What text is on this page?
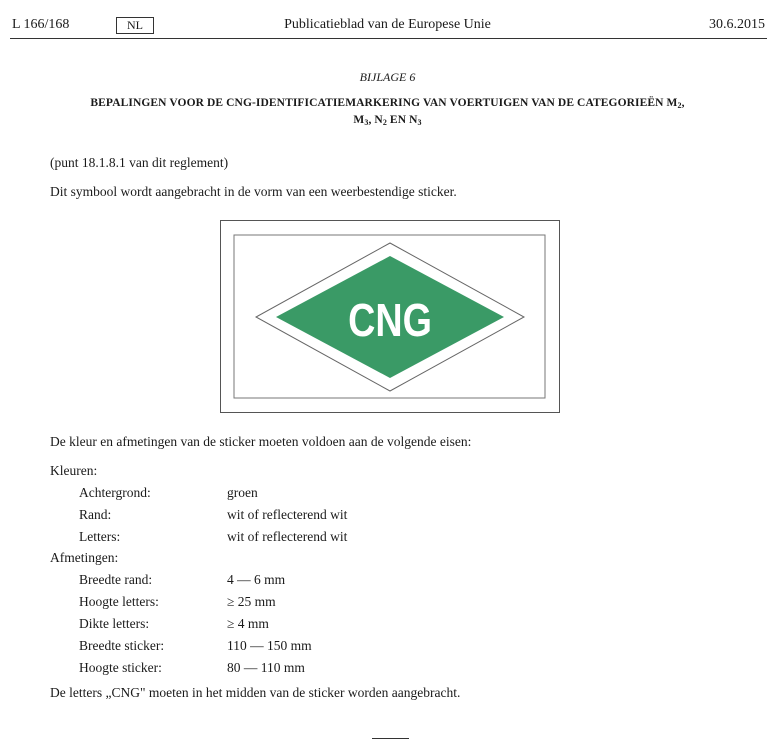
L 166/168	NL	Publicatieblad van de Europese Unie	30.6.2015
BIJLAGE 6
BEPALINGEN VOOR DE CNG-IDENTIFICATIEMARKERING VAN VOERTUIGEN VAN DE CATEGORIEËN $M_2$,
$M_3$, $N_2$ EN $N_3$
(punt 18.1.8.1 van dit reglement)
Dit symbool wordt aangebracht in de vorm van een weerbestendige sticker.
CNG
De kleur en afmetingen van de sticker moeten voldoen aan de volgende eisen:
Kleuren:
Achtergrond:	groen
Rand:	wit of reflecterend wit
Letters:	wit of reflecterend wit
Afmetingen:
Breedte rand:	4 — 6 mm
Hoogte letters:	≥ 25 mm
Dikte letters:	≥ 4 mm
Breedte sticker:	110 — 150 mm
Hoogte sticker:	80 — 110 mm
De letters „CNG" moeten in het midden van de sticker worden aangebracht.
